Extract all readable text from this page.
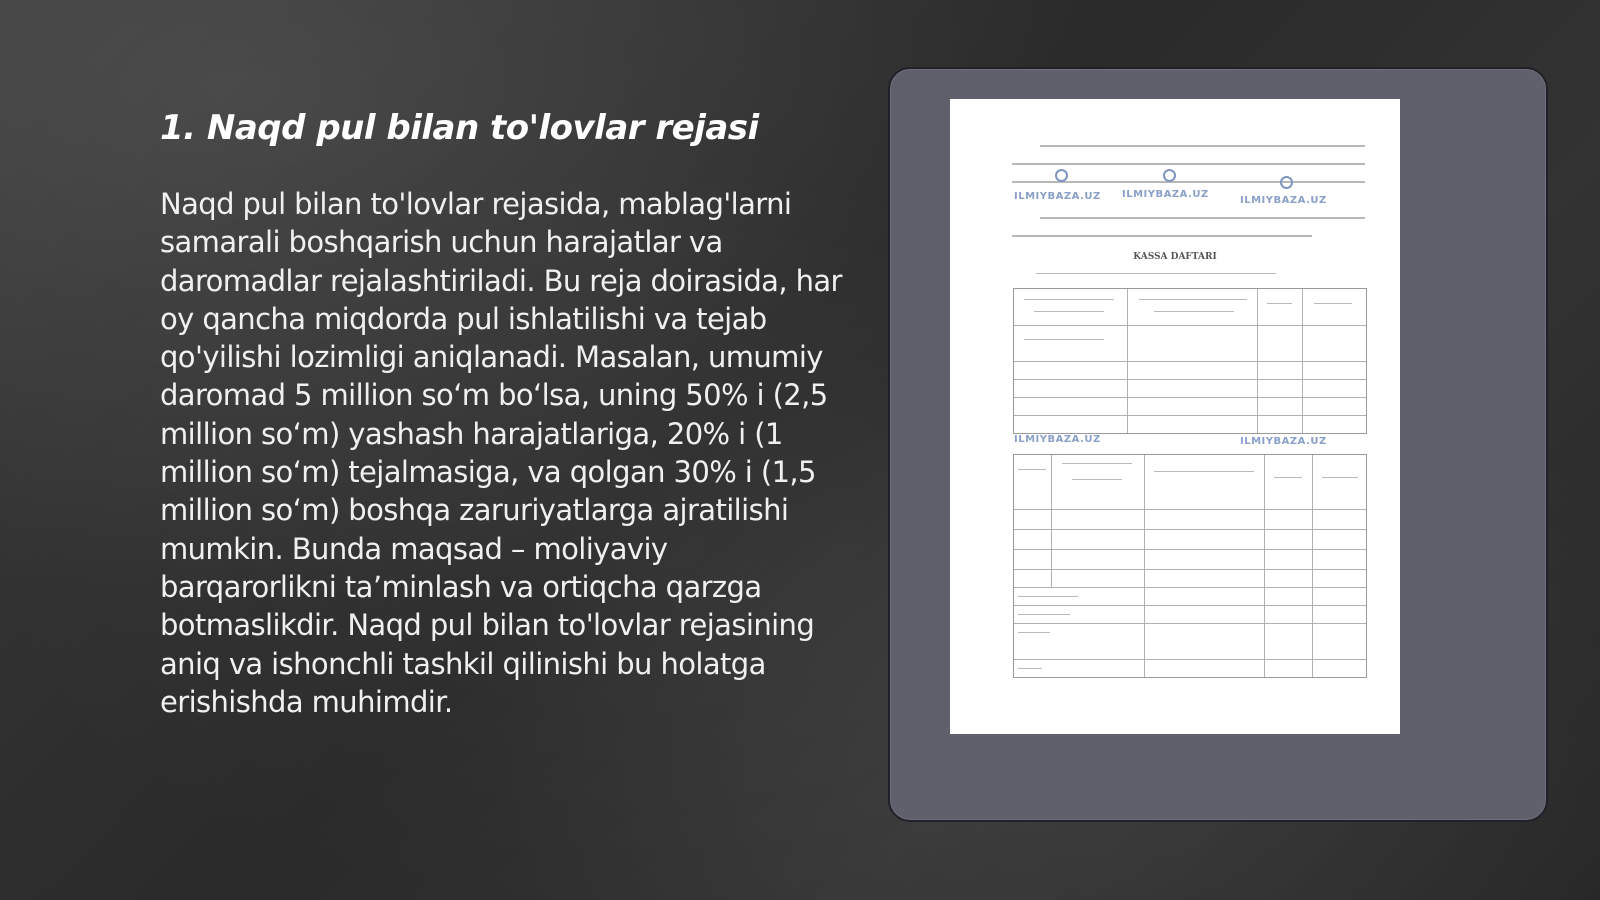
1. Naqd pul bilan to'lovlar rejasi

Naqd pul bilan to'lovlar rejasida, mablag'larni samarali boshqarish uchun harajatlar va daromadlar rejalashtiriladi. Bu reja doirasida, har oy qancha miqdorda pul ishlatilishi va tejab qo'yilishi lozimligi aniqlanadi. Masalan, umumiy daromad 5 million so‘m bo‘lsa, uning 50% i (2,5 million so‘m) yashash harajatlariga, 20% i (1 million so‘m) tejalmasiga, va qolgan 30% i (1,5 million so‘m) boshqa zaruriyatlarga ajratilishi mumkin. Bunda maqsad – moliyaviy barqarorlikni ta’minlash va ortiqcha qarzga botmaslikdir. Naqd pul bilan to'lovlar rejasining aniq va ishonchli tashkil qilinishi bu holatga erishishda muhimdir.

ILMIYBAZA.UZ ILMIYBAZA.UZ
ILMIYBAZA.UZ
KASSA DAFTARI
ILMIYBAZA.UZ	ILMIYBAZA.UZ
